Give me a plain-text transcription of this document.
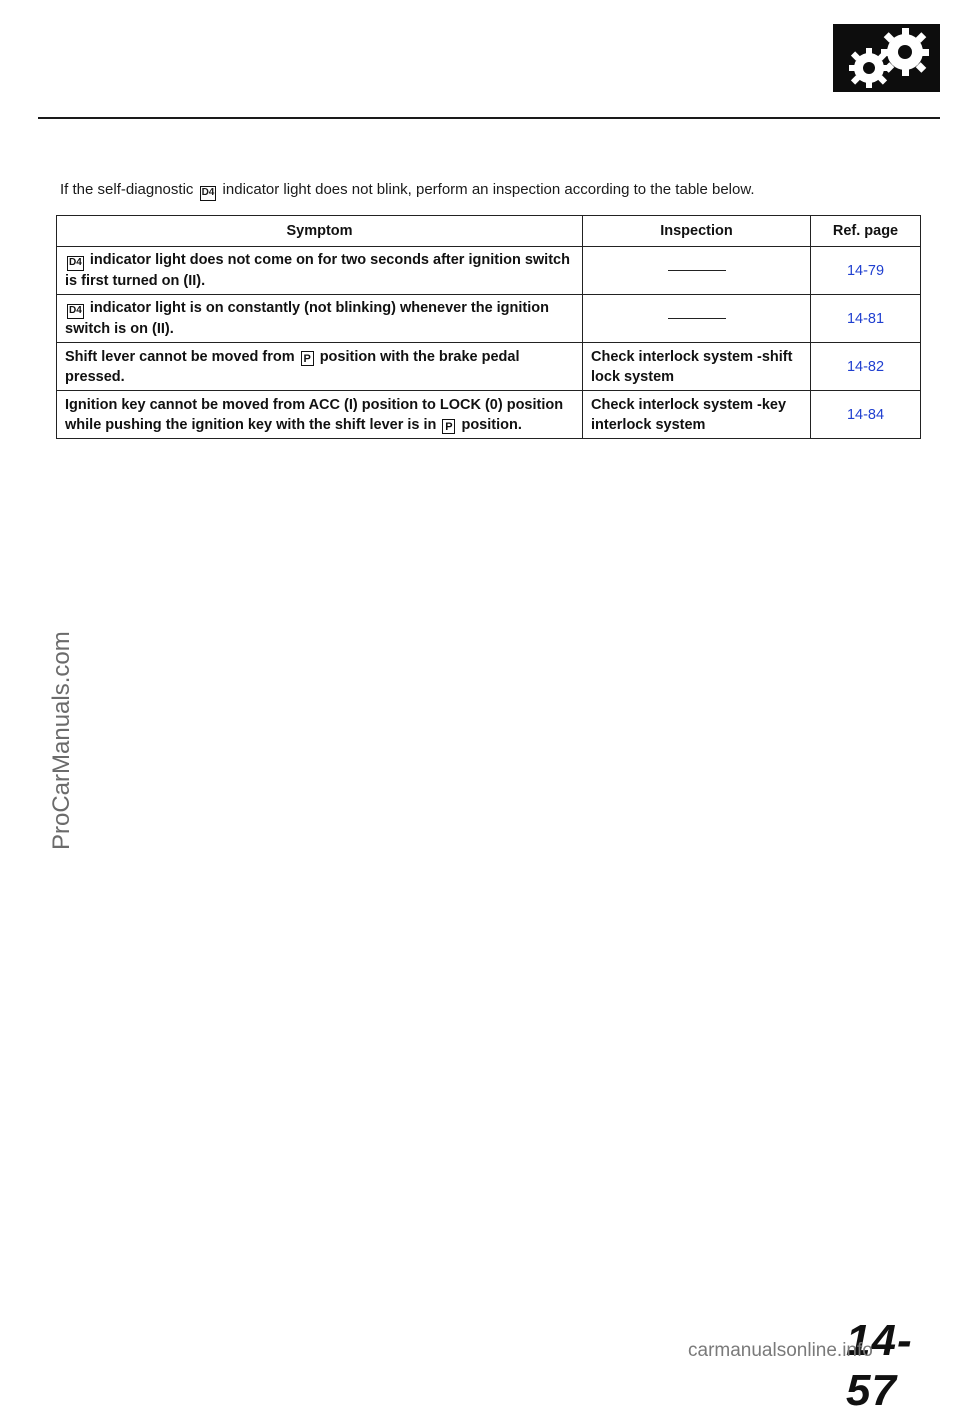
If the self-diagnostic D4 indicator light does not blink, perform an inspection according to the table below.
Symptom	Inspection	Ref. page
D4 indicator light does not come on for two seconds after ignition switch is first turned on (II).		14-79
D4 indicator light is on constantly (not blinking) whenever the ignition switch is on (II).		14-81
Shift lever cannot be moved from P position with the brake pedal pressed.	Check interlock system -shift lock system	14-82
Ignition key cannot be moved from ACC (I) position to LOCK (0) position while pushing the ignition key with the shift lever is in P position.	Check interlock system -key interlock system	14-84
ProCarManuals.com
14-57
carmanualsonline.info
